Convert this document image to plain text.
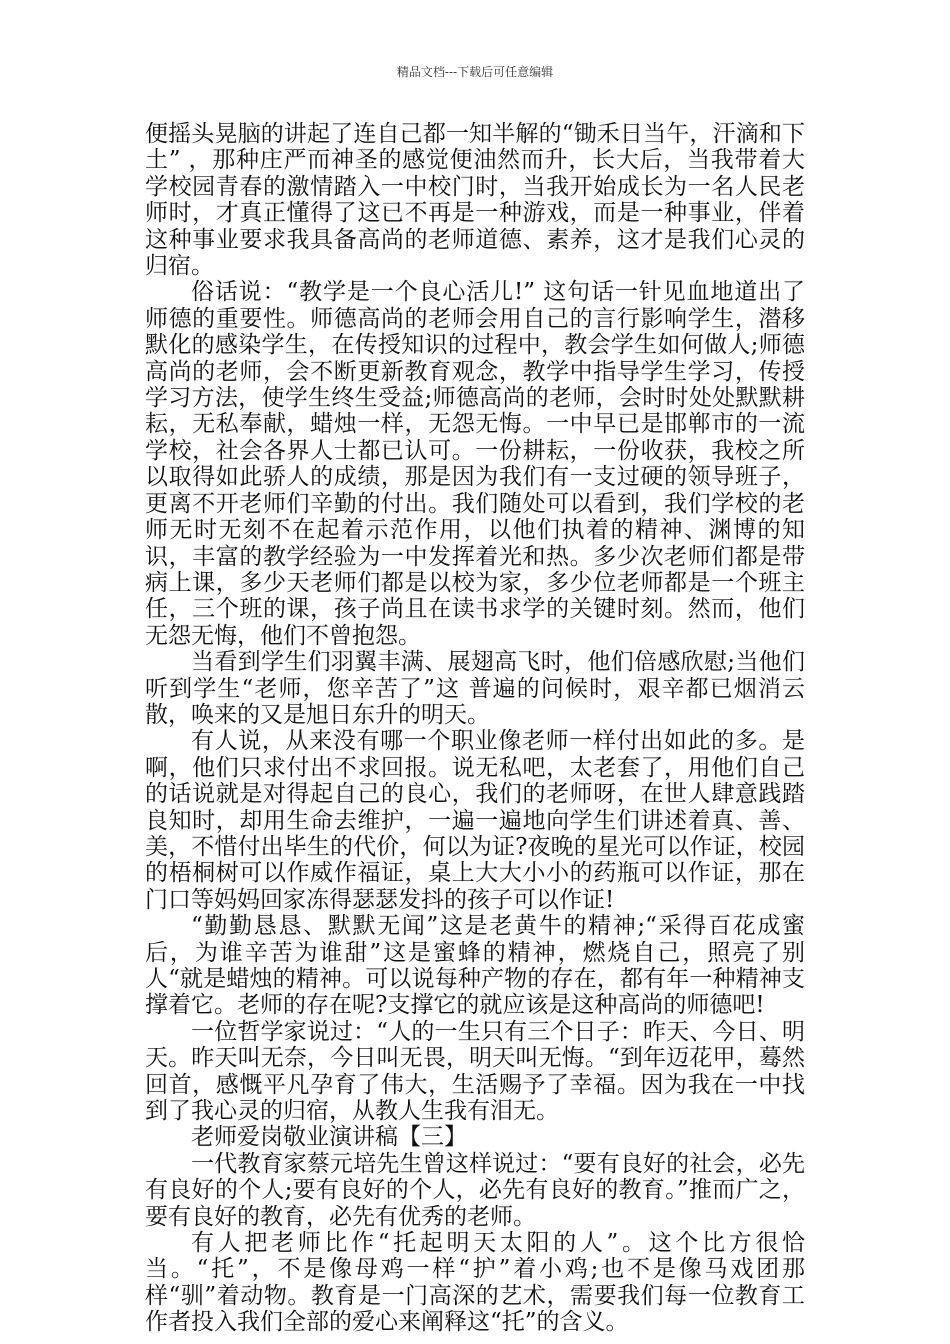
精品文档---下载后可任意编辑

便摇头晃脑的讲起了连自己都一知半解的“锄禾日当午，汗滴和下土” ，那种庄严而神圣的感觉便油然而升，长大后，当我带着大学校园青春的激情踏入一中校门时，当我开始成长为一名人民老师时，才真正懂得了这已不再是一种游戏，而是一种事业，伴着这种事业要求我具备高尚的老师道德、素养，这才是我们心灵的归宿。

俗话说：“教学是一个良心活儿!” 这句话一针见血地道出了师德的重要性。师德高尚的老师会用自己的言行影响学生，潜移默化的感染学生，在传授知识的过程中，教会学生如何做人;师德高尚的老师，会不断更新教育观念，教学中指导学生学习，传授学习方法，使学生终生受益;师德高尚的老师，会时时处处默默耕耘，无私奉献，蜡烛一样，无怨无悔。一中早已是邯郸市的一流学校，社会各界人士都已认可。一份耕耘，一份收获，我校之所以取得如此骄人的成绩，那是因为我们有一支过硬的领导班子，更离不开老师们辛勤的付出。我们随处可以看到，我们学校的老师无时无刻不在起着示范作用，以他们执着的精神、渊博的知识，丰富的教学经验为一中发挥着光和热。多少次老师们都是带病上课，多少天老师们都是以校为家，多少位老师都是一个班主任，三个班的课，孩子尚且在读书求学的关键时刻。然而，他们无怨无悔，他们不曾抱怨。

当看到学生们羽翼丰满、展翅高飞时，他们倍感欣慰;当他们听到学生“老师，您辛苦了”这 普遍的问候时，艰辛都已烟消云散，唤来的又是旭日东升的明天。

有人说，从来没有哪一个职业像老师一样付出如此的多。是啊，他们只求付出不求回报。说无私吧，太老套了，用他们自己的话说就是对得起自己的良心，我们的老师呀，在世人肆意践踏良知时，却用生命去维护，一遍一遍地向学生们讲述着真、善、美，不惜付出毕生的代价，何以为证?夜晚的星光可以作证，校园的梧桐树可以作威作福证，桌上大大小小的药瓶可以作证，那在门口等妈妈回家冻得瑟瑟发抖的孩子可以作证!

“勤勤恳恳、默默无闻”这是老黄牛的精神;“采得百花成蜜后，为谁辛苦为谁甜”这是蜜蜂的精神，燃烧自己，照亮了别人“就是蜡烛的精神。可以说每种产物的存在，都有年一种精神支撑着它。老师的存在呢?支撑它的就应该是这种高尚的师德吧!

一位哲学家说过：“人的一生只有三个日子：昨天、今日、明天。昨天叫无奈，今日叫无畏，明天叫无悔。“到年迈花甲，蓦然回首，感慨平凡孕育了伟大，生活赐予了幸福。因为我在一中找到了我心灵的归宿，从教人生我有泪无。

老师爱岗敬业演讲稿【三】

一代教育家蔡元培先生曾这样说过：“要有良好的社会，必先有良好的个人;要有良好的个人，必先有良好的教育。”推而广之，要有良好的教育，必先有优秀的老师。

有人把老师比作“托起明天太阳的人”。这个比方很恰当。“托”，不是像母鸡一样“护”着小鸡;也不是像马戏团那样“驯”着动物。教育是一门高深的艺术，需要我们每一位教育工作者投入我们全部的爱心来阐释这“托”的含义。
